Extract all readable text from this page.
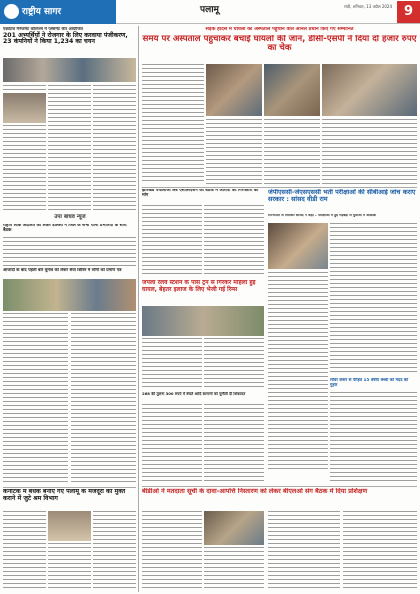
राष्ट्रीय सागर	पलामू	रांची, शनिवार, 13 अप्रैल 2024 9
एडवेंटेज मैनेजमेंट कॉलेज्स में प्लेसमेंट कैंप आयोजित
201 अभ्यर्थियों ने रोजगार के लिए करवाया पंजीकरण, 23 कंपनियों ने किया 1,234 का चयन
उपा बांधव न्यूज
राष्ट्रीय लोक अदालत को लेकर डालसा ने जिले के सभी थाना प्रभारियों के साथ बैठक
आजादी के बाद पहली बार चुनाव को लेकर सेवा शिविर में लोगों का प्रमाण पत्र
कर्नाटक में बंधक बनाए गए पलामू के मजदूरों को मुक्त कराने में जुटे श्रम विभाग
सड़क हादसे में घायलों को अस्पताल पहुंचाने वाले अनिल प्रधान किए गए सम्मानित
समय पर अस्पताल पहुंचाकर बचाईं घायलों की जान, डीसी-एसपी ने दिया दो हजार रुपए का चेक
झारखंड पैथोलॉजी लैब एसोसिएशन की बैठक में आरोपी की गिरफ्तारी की मांग	जेपीएससी-जेएसएससी भर्ती परीक्षाओं की सीबीआई जांच कराए सरकार : सांसद वीडी राम
राज्यपाल से मिलकर सांसद ने कहा – परीक्षाओं में हुई गड़बड़ी से युवाओं में आक्रोश
जपला रेलवे स्टेशन के पास ट्रेन से गिरकर महिला हुई घायल, बेहतर इलाज के लिए भेजी गई रिम्स
268 की तुलना 300 रुपये में बेचते आदि सामानों को चुनौती दी शिकायत
लीवर कैंसर से पीड़ित 15 वर्षीय बच्ची को मदद की गुहार
बीडीओ ने मतदाता सूची के दावा-आपत्ति निस्तारण को लेकर बीएलओ संग बैठक में दिया प्रशिक्षण
